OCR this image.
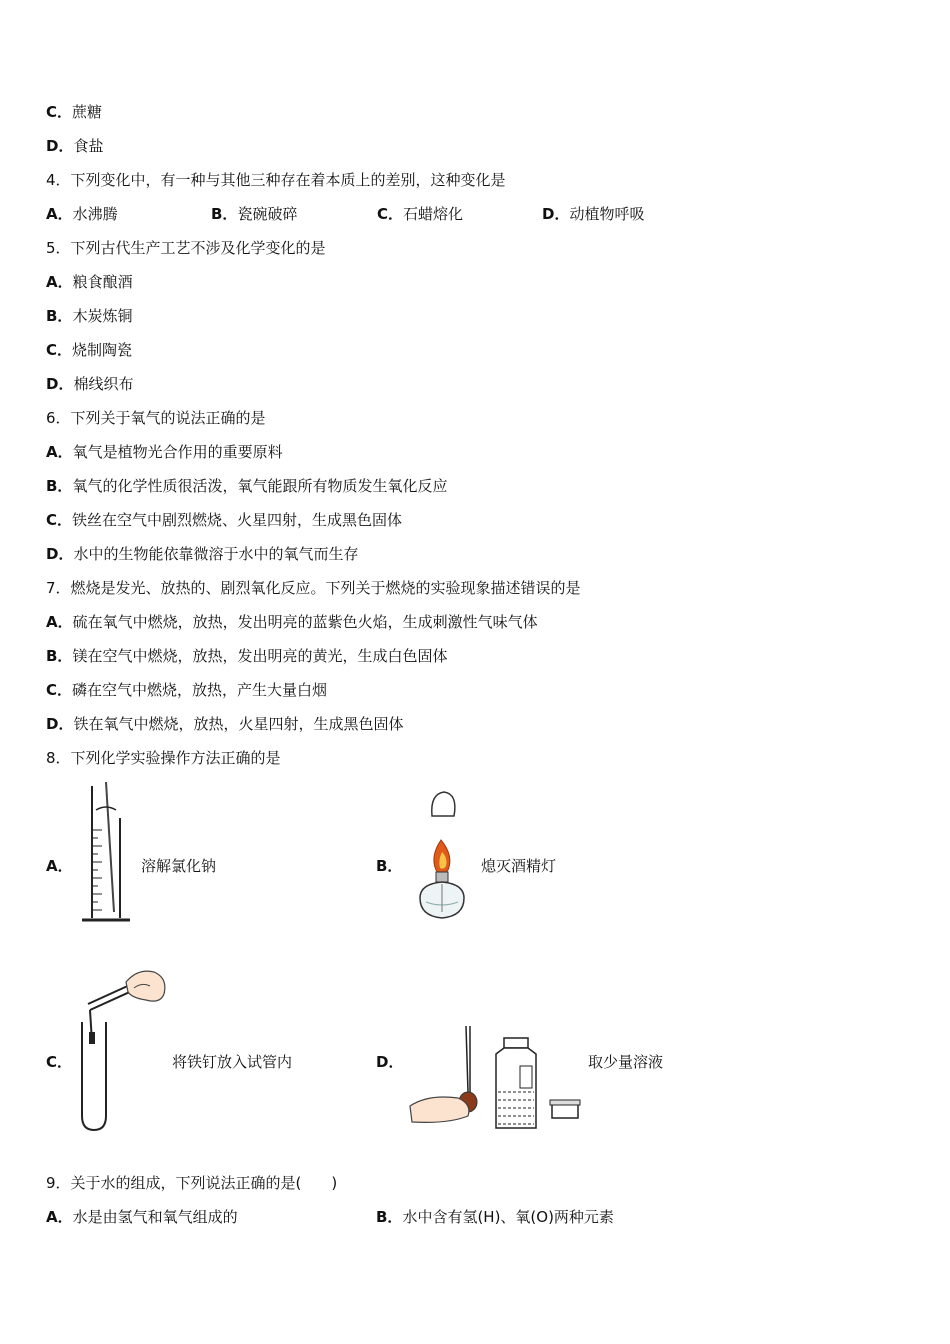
C．蔗糖
D．食盐
4．下列变化中，有一种与其他三种存在着本质上的差别，这种变化是
A．水沸腾	B．瓷碗破碎	C．石蜡熔化	D．动植物呼吸
5．下列古代生产工艺不涉及化学变化的是
A．粮食酿酒
B．木炭炼铜
C．烧制陶瓷
D．棉线织布
6．下列关于氧气的说法正确的是
A．氧气是植物光合作用的重要原料
B．氧气的化学性质很活泼，氧气能跟所有物质发生氧化反应
C．铁丝在空气中剧烈燃烧、火星四射，生成黑色固体
D．水中的生物能依靠微溶于水中的氧气而生存
7．燃烧是发光、放热的、剧烈氧化反应。下列关于燃烧的实验现象描述错误的是
A．硫在氧气中燃烧，放热，发出明亮的蓝紫色火焰，生成刺激性气味气体
B．镁在空气中燃烧，放热，发出明亮的黄光，生成白色固体
C．磷在空气中燃烧，放热，产生大量白烟
D．铁在氧气中燃烧，放热，火星四射，生成黑色固体
8．下列化学实验操作方法正确的是
A．	溶解氯化钠	B．	熄灭酒精灯
C．	将铁钉放入试管内	D．	取少量溶液
9．关于水的组成，下列说法正确的是(　　)
A．水是由氢气和氧气组成的	B．水中含有氢(H)、氧(O)两种元素
